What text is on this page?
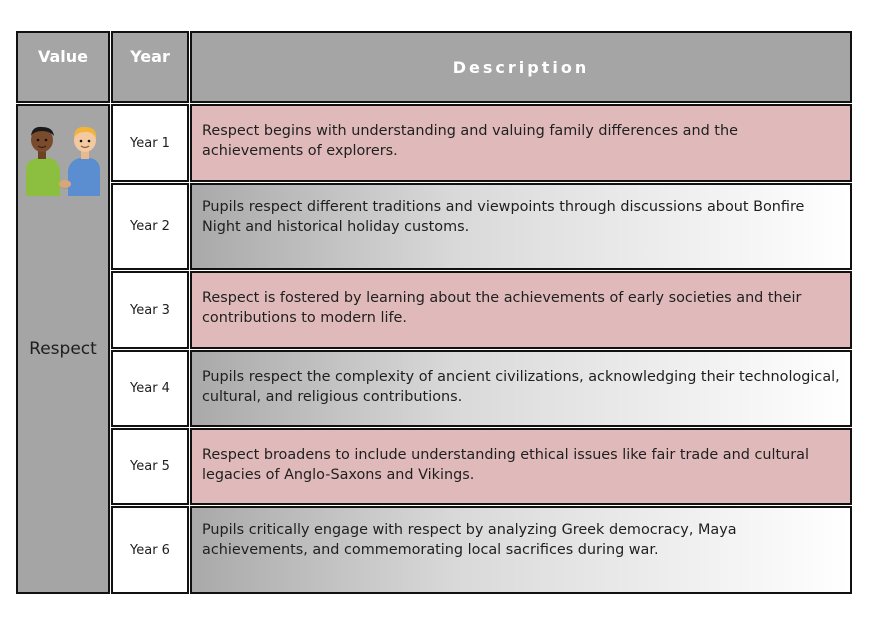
Value	Year
Description
Respect
Year 1
Respect begins with understanding and valuing family differences and the achievements of explorers.
Year 2
Pupils respect different traditions and viewpoints through discussions about Bonfire Night and historical holiday customs.
Year 3
Respect is fostered by learning about the achievements of early societies and their contributions to modern life.
Year 4
Pupils respect the complexity of ancient civilizations, acknowledging their technological, cultural, and religious contributions.
Year 5
Respect broadens to include understanding ethical issues like fair trade and cultural legacies of Anglo-Saxons and Vikings.
Year 6
Pupils critically engage with respect by analyzing Greek democracy, Maya achievements, and commemorating local sacrifices during war.
